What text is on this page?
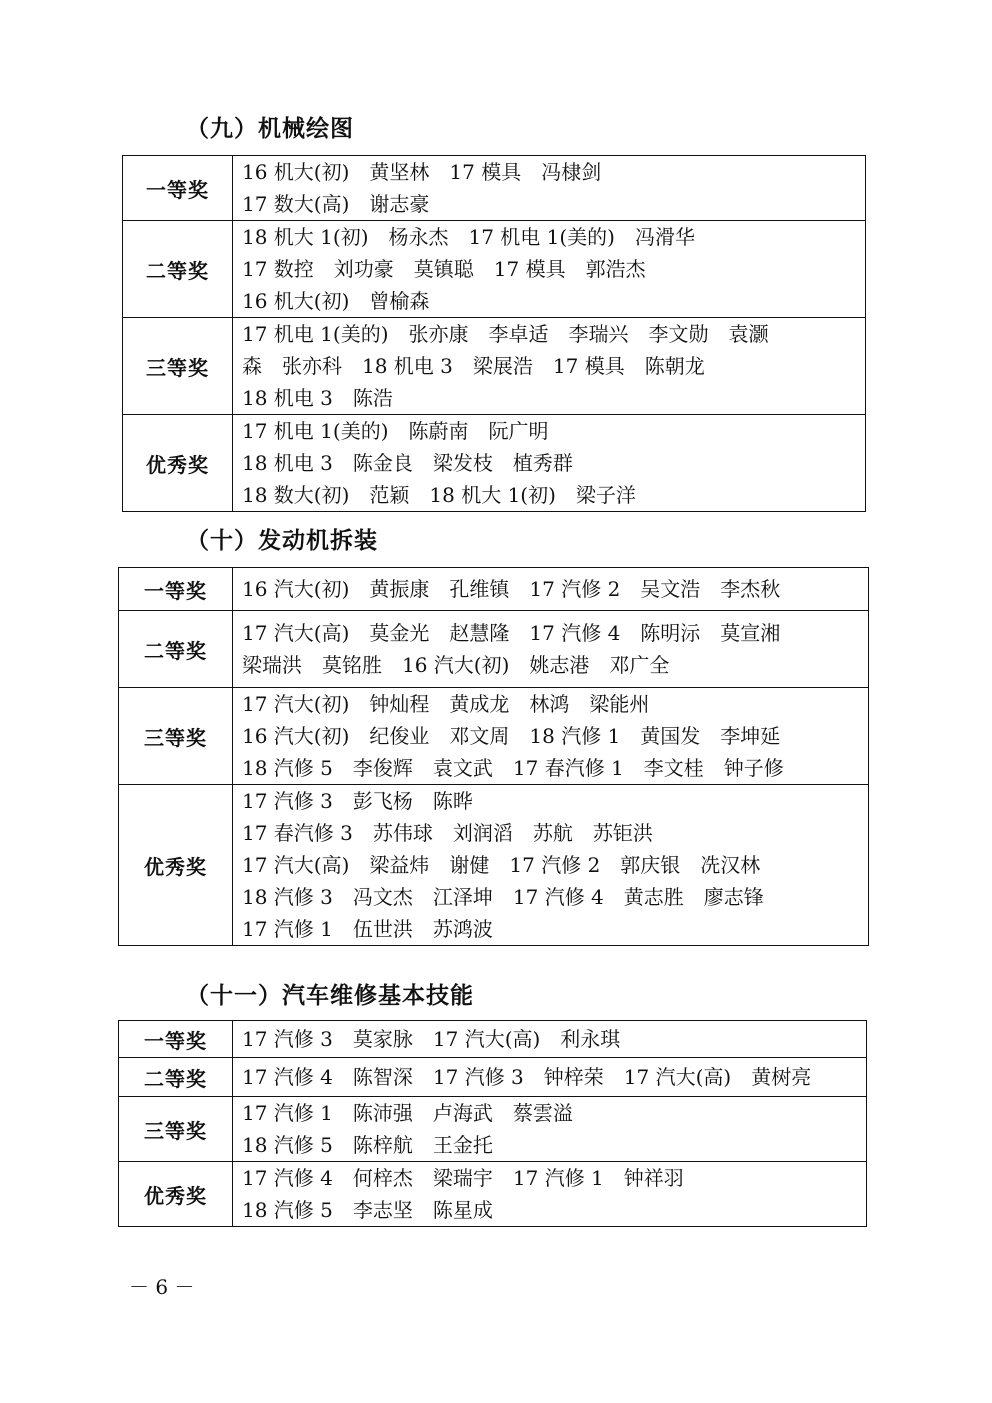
（九）机械绘图
一等奖	16 机大(初)　黄坚林　17 模具　冯棣剑
17 数大(高)　谢志豪

二等奖	18 机大 1(初)　杨永杰　17 机电 1(美的)　冯滑华
17 数控　刘功豪　莫镇聪　17 模具　郭浩杰
16 机大(初)　曾榆森

三等奖	17 机电 1(美的)　张亦康　李卓适　李瑞兴　李文勋　袁灏
森　张亦科　18 机电 3　梁展浩　17 模具　陈朝龙
18 机电 3　陈浩

优秀奖	17 机电 1(美的)　陈蔚南　阮广明
18 机电 3　陈金良　梁发枝　植秀群
18 数大(初)　范颖　18 机大 1(初)　梁子洋
（十）发动机拆装
一等奖	16 汽大(初)　黄振康　孔维镇　17 汽修 2　吴文浩　李杰秋

二等奖	17 汽大(高)　莫金光　赵慧隆　17 汽修 4　陈明沶　莫宣湘
梁瑞洪　莫铭胜　16 汽大(初)　姚志港　邓广全

三等奖	17 汽大(初)　钟灿程　黄成龙　林鸿　梁能州
16 汽大(初)　纪俊业　邓文周　18 汽修 1　黄国发　李坤延
18 汽修 5　李俊辉　袁文武　17 春汽修 1　李文桂　钟子修

优秀奖	17 汽修 3　彭飞杨　陈晔
17 春汽修 3　苏伟球　刘润滔　苏航　苏钜洪
17 汽大(高)　梁益炜　谢健　17 汽修 2　郭庆银　冼汉林
18 汽修 3　冯文杰　江泽坤　17 汽修 4　黄志胜　廖志锋
17 汽修 1　伍世洪　苏鸿波
（十一）汽车维修基本技能
一等奖	17 汽修 3　莫家脉　17 汽大(高)　利永琪

二等奖	17 汽修 4　陈智深　17 汽修 3　钟梓荣　17 汽大(高)　黄树亮

三等奖	17 汽修 1　陈沛强　卢海武　蔡雲溢
18 汽修 5　陈梓航　王金托

优秀奖	17 汽修 4　何梓杰　梁瑞宇　17 汽修 1　钟祥羽
18 汽修 5　李志坚　陈星成
－ 6 －
